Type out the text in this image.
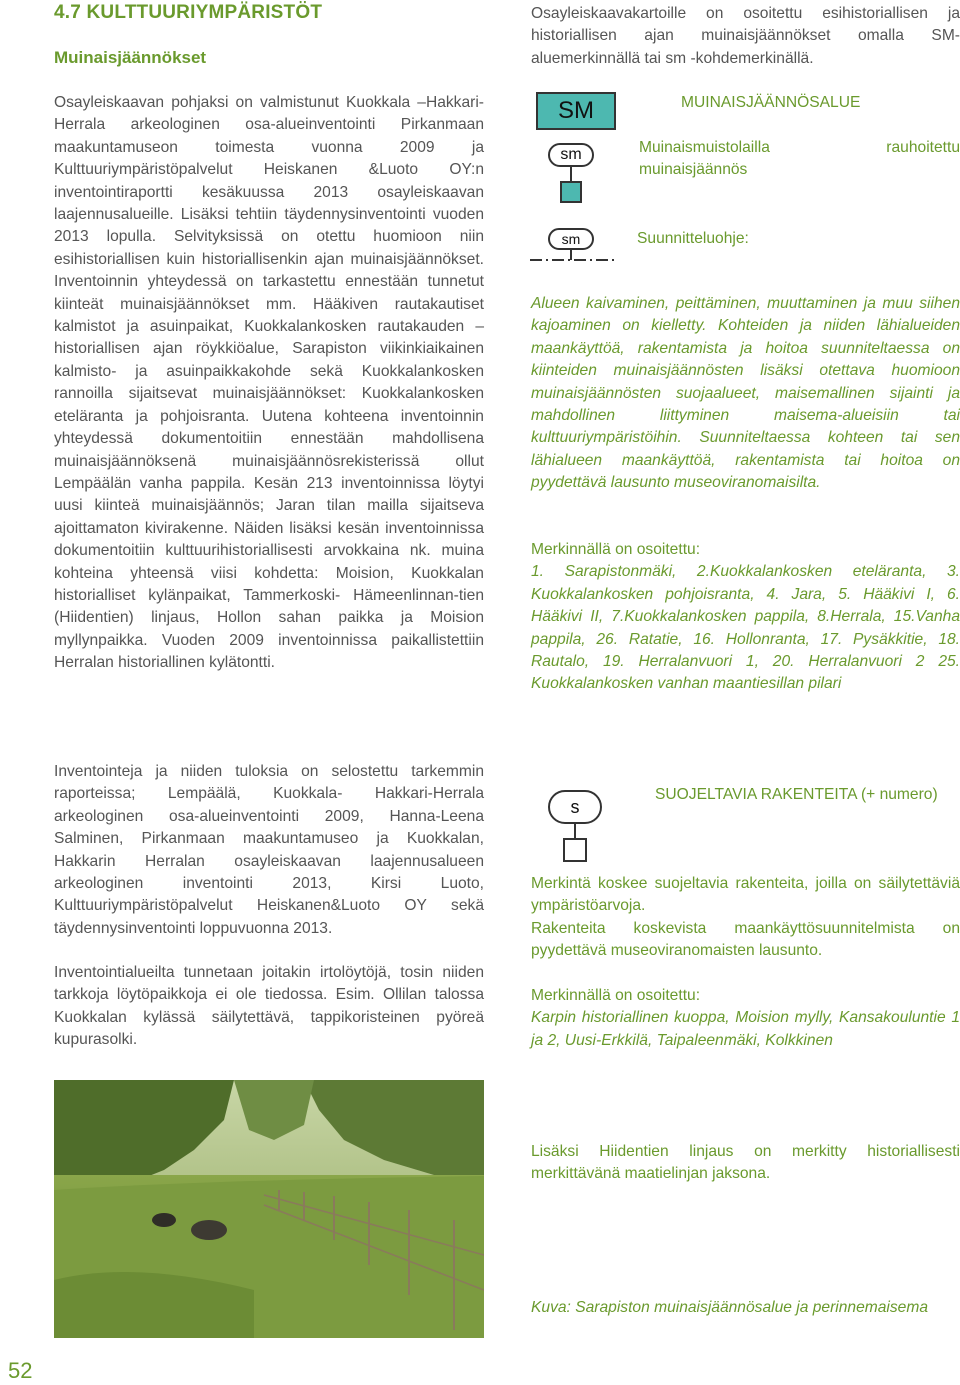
4.7 KULTTUURIYMPÄRISTÖT
Muinaisjäännökset

Osayleiskaavan pohjaksi on valmistunut Kuokkala –Hakkari- Herrala arkeologinen osa-alueinventointi Pirkanmaan maakuntamuseon toimesta vuonna 2009 ja Kulttuuriympäristöpalvelut Heiskanen &Luoto OY:n inventointiraportti kesäkuussa 2013 osayleiskaavan laajennusalueille. Lisäksi tehtiin täydennysinventointi vuoden 2013 lopulla. Selvityksissä on otettu huomioon niin esihistoriallisen kuin historiallisenkin ajan muinaisjäännökset. Inventoinnin yhteydessä on tarkastettu ennestään tunnetut kiinteät muinaisjäännökset mm. Hääkiven rautakautiset kalmistot ja asuinpaikat, Kuokkalankosken rautakauden – historiallisen ajan röykkiöalue, Sarapiston viikinkiaikainen kalmisto- ja asuinpaikkakohde sekä Kuokkalankosken rannoilla sijaitsevat muinaisjäännökset: Kuokkalankosken eteläranta ja pohjoisranta. Uutena kohteena inventoinnin yhteydessä dokumentoitiin ennestään mahdollisena muinaisjäännöksenä muinaisjäännösrekisterissä ollut Lempäälän vanha pappila. Kesän 213 inventoinnissa löytyi uusi kiinteä muinaisjäännös; Jaran tilan mailla sijaitseva ajoittamaton kivirakenne. Näiden lisäksi kesän inventoinnissa dokumentoitiin kulttuurihistoriallisesti arvokkaina nk. muina kohteina yhteensä viisi kohdetta: Moision, Kuokkalan historialliset kylänpaikat, Tammerkoski- Hämeenlinnan-tien (Hiidentien) linjaus, Hollon sahan paikka ja Moision myllynpaikka. Vuoden 2009 inventoinnissa paikallistettiin Herralan historiallinen kylätontti.

Inventointeja ja niiden tuloksia on selostettu tarkemmin raporteissa; Lempäälä, Kuokkala- Hakkari-Herrala arkeologinen osa-alueinventointi 2009, Hanna-Leena Salminen, Pirkanmaan maakuntamuseo ja Kuokkalan, Hakkarin Herralan osayleiskaavan laajennusalueen arkeologinen inventointi 2013, Kirsi Luoto, Kulttuuriympäristöpalvelut Heiskanen&Luoto OY sekä täydennysinventointi loppuvuonna 2013.

Inventointialueilta tunnetaan joitakin irtolöytöjä, tosin niiden tarkkoja löytöpaikkoja ei ole tiedossa. Esim. Ollilan talossa Kuokkalan kylässä säilytettävä, tappikoristeinen pyöreä kupurasolki.

Osayleiskaavakartoille on osoitettu esihistoriallisen ja historiallisen ajan muinaisjäännökset omalla SM-aluemerkinnällä tai sm -kohdemerkinällä.

SM
sm
sm
MUINAISJÄÄNNÖSALUE
Muinaismuistolailla rauhoitettu muinaisjäännös
Suunnitteluohje:

Alueen kaivaminen, peittäminen, muuttaminen ja muu siihen kajoaminen on kielletty. Kohteiden ja niiden lähialueiden maankäyttöä, rakentamista ja hoitoa suunniteltaessa on kiinteiden muinaisjäännösten lisäksi otettava huomioon muinaisjäännösten suojaalueet, maisemallinen sijainti ja mahdollinen liittyminen maisema-alueisiin tai kulttuuriympäristöihin. Suunniteltaessa kohteen tai sen lähialueen maankäyttöä, rakentamista tai hoitoa on pyydettävä lausunto museoviranomaisilta.

Merkinnällä on osoitettu:

1. Sarapistonmäki, 2.Kuokkalankosken eteläranta, 3. Kuokkalankosken pohjoisranta, 4. Jara, 5. Hääkivi I, 6. Hääkivi II, 7.Kuokkalankosken pappila, 8.Herrala, 15.Vanha pappila, 26. Ratatie, 16. Hollonranta, 17. Pysäkkitie, 18. Rautalo, 19. Herralanvuori 1, 20. Herralanvuori 2 25. Kuokkalankosken vanhan maantiesillan pilari

s
SUOJELTAVIA RAKENTEITA (+ numero)

Merkintä koskee suojeltavia rakenteita, joilla on säilytettäviä ympäristöarvoja.

Rakenteita koskevista maankäyttösuunnitelmista on pyydettävä museoviranomaisten lausunto.

Merkinnällä on osoitettu:

Karpin historiallinen kuoppa, Moision mylly, Kansakouluntie 1 ja 2, Uusi-Erkkilä, Taipaleenmäki, Kolkkinen

Lisäksi Hiidentien linjaus on merkitty historiallisesti merkittävänä maatielinjan jaksona.

Kuva: Sarapiston muinaisjäännösalue ja perinnemaisema

52
